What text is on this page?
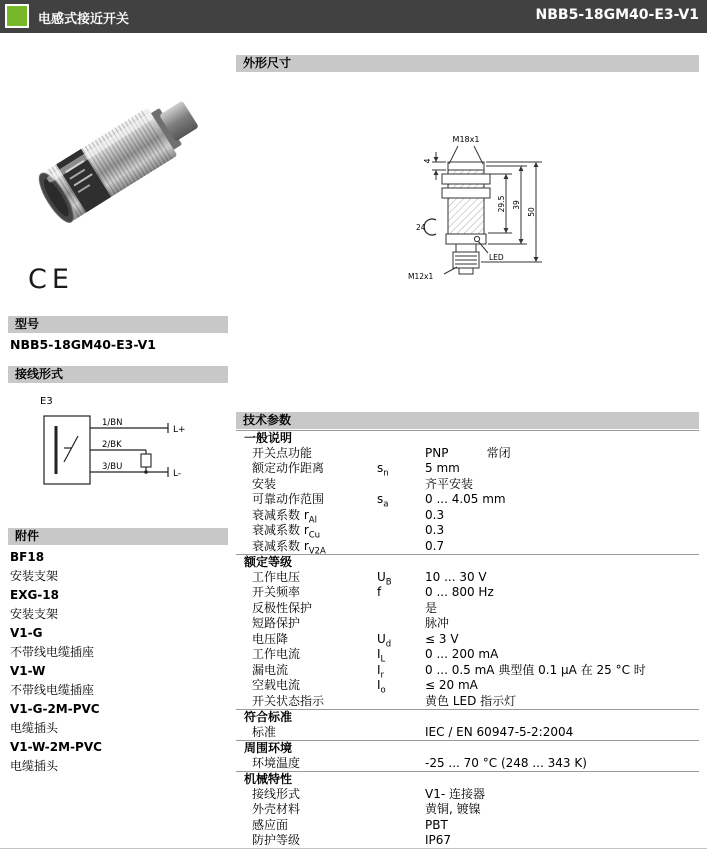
电感式接近开关	NBB5-18GM40-E3-V1
CE
型号
NBB5-18GM40-E3-V1
接线形式
E3
1/BN
L+
2/BK
3/BU
L-
附件
BF18
安装支架
EXG-18
安装支架
V1-G
不带线电缆插座
V1-W
不带线电缆插座
V1-G-2M-PVC
电缆插头
V1-W-2M-PVC
电缆插头
外形尺寸
M18x1
4
24
29.5 39
50
LED
M12x1
技术参数
一般说明
开关点功能	PNP          常闭
额定动作距离	$s_n$	5 mm
安装	齐平安装
可靠动作范围	$s_a$	0 ... 4.05 mm
衰减系数 $r_{Al}$	0.3
衰减系数 $r_{Cu}$	0.3
衰减系数 $r_{V2A}$	0.7
额定等级
工作电压	$U_B$	10 ... 30 V
开关频率	f	0 ... 800 Hz
反极性保护	是
短路保护	脉冲
电压降	$U_d$	≤ 3 V
工作电流	$I_L$	0 ... 200 mA
漏电流	$I_r$	0 ... 0.5 mA 典型值 0.1 μA 在 25 °C 时
空载电流	$I_o$	≤ 20 mA
开关状态指示	黄色 LED 指示灯
符合标准
标准	IEC / EN 60947-5-2:2004
周围环境
环境温度	-25 ... 70 °C (248 ... 343 K)
机械特性
接线形式	V1- 连接器
外壳材料	黄铜, 镀镍
感应面	PBT
防护等级	IP67
